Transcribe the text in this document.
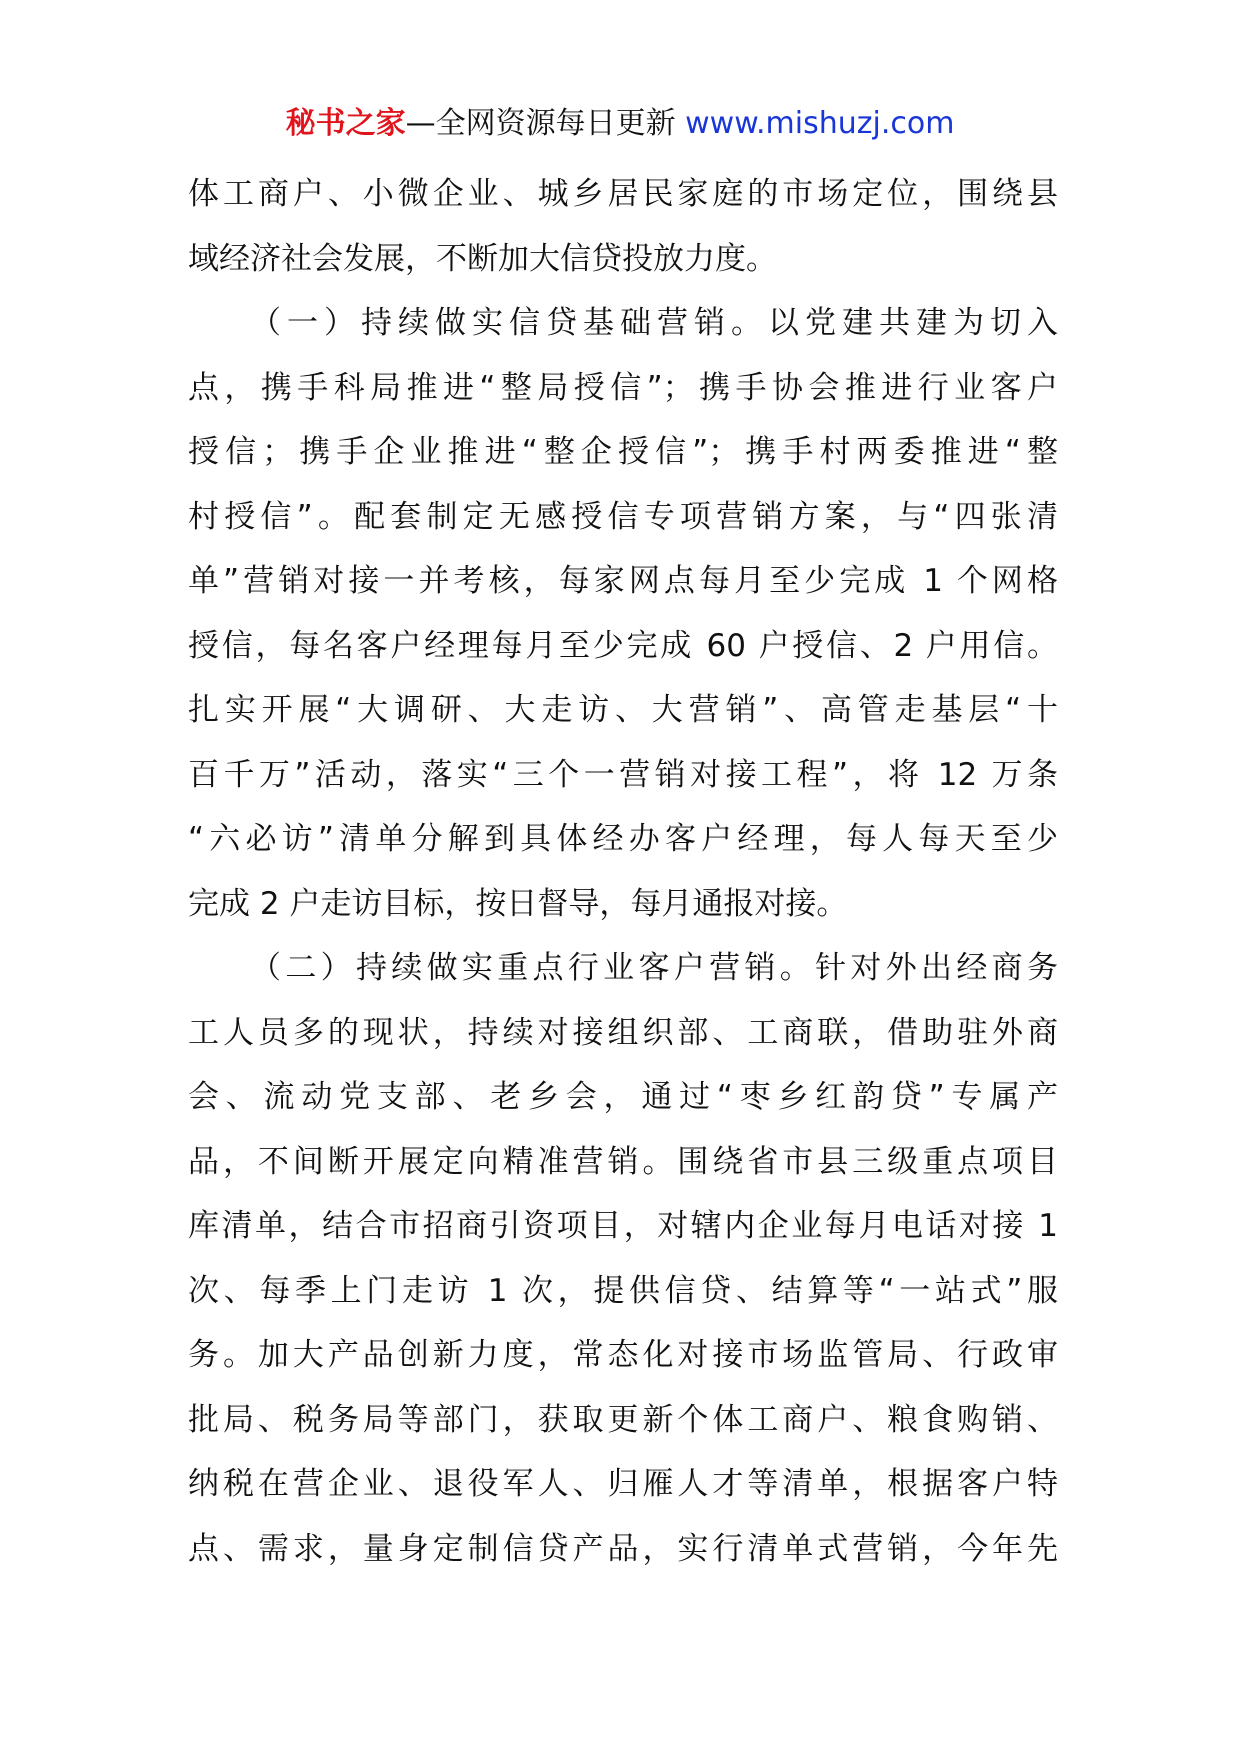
秘书之家—全网资源每日更新 www.mishuzj.com
体工商户、小微企业、城乡居民家庭的市场定位，围绕县
域经济社会发展，不断加大信贷投放力度。
（一）持续做实信贷基础营销。以党建共建为切入
点，携手科局推进“整局授信”；携手协会推进行业客户
授信；携手企业推进“整企授信”；携手村两委推进“整
村授信”。配套制定无感授信专项营销方案，与“四张清
单”营销对接一并考核，每家网点每月至少完成 1 个网格
授信，每名客户经理每月至少完成 60 户授信、2 户用信。
扎实开展“大调研、大走访、大营销”、高管走基层“十
百千万”活动，落实“三个一营销对接工程”，将 12 万条
“六必访”清单分解到具体经办客户经理，每人每天至少
完成 2 户走访目标，按日督导，每月通报对接。
（二）持续做实重点行业客户营销。针对外出经商务
工人员多的现状，持续对接组织部、工商联，借助驻外商
会、流动党支部、老乡会，通过“枣乡红韵贷”专属产
品，不间断开展定向精准营销。围绕省市县三级重点项目
库清单，结合市招商引资项目，对辖内企业每月电话对接 1
次、每季上门走访 1 次，提供信贷、结算等“一站式”服
务。加大产品创新力度，常态化对接市场监管局、行政审
批局、税务局等部门，获取更新个体工商户、粮食购销、
纳税在营企业、退役军人、归雁人才等清单，根据客户特
点、需求，量身定制信贷产品，实行清单式营销，今年先
